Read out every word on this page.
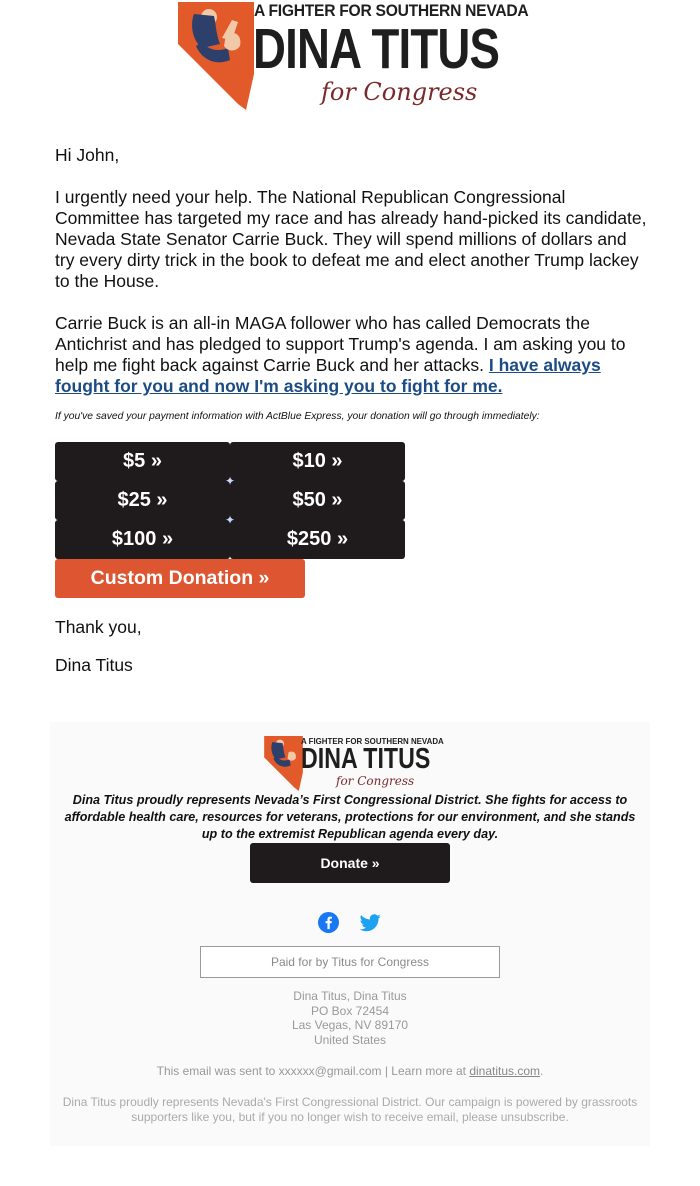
A FIGHTER FOR SOUTHERN NEVADA
DINA TITUS
for Congress

Hi John,

I urgently need your help. The National Republican Congressional Committee has targeted my race and has already hand-picked its candidate, Nevada State Senator Carrie Buck. They will spend millions of dollars and try every dirty trick in the book to defeat me and elect another Trump lackey to the House.

Carrie Buck is an all-in MAGA follower who has called Democrats the Antichrist and has pledged to support Trump's agenda. I am asking you to help me fight back against Carrie Buck and her attacks. I have always fought for you and now I'm asking you to fight for me.

If you've saved your payment information with ActBlue Express, your donation will go through immediately:
$5 »	$10 »
$25 »	$50 »
$100 »	$250 »
✦
✦
Custom Donation »
Thank you,
Dina Titus
A FIGHTER FOR SOUTHERN NEVADA
DINA TITUS
for Congress
Dina Titus proudly represents Nevada’s First Congressional District. She fights for access to affordable health care, resources for veterans, protections for our environment, and she stands up to the extremist Republican agenda every day.
Donate »
Paid for by Titus for Congress
Dina Titus, Dina Titus
PO Box 72454
Las Vegas, NV 89170
United States
This email was sent to xxxxxx@gmail.com | Learn more at dinatitus.com.
Dina Titus proudly represents Nevada's First Congressional District. Our campaign is powered by grassroots supporters like you, but if you no longer wish to receive email, please unsubscribe.
